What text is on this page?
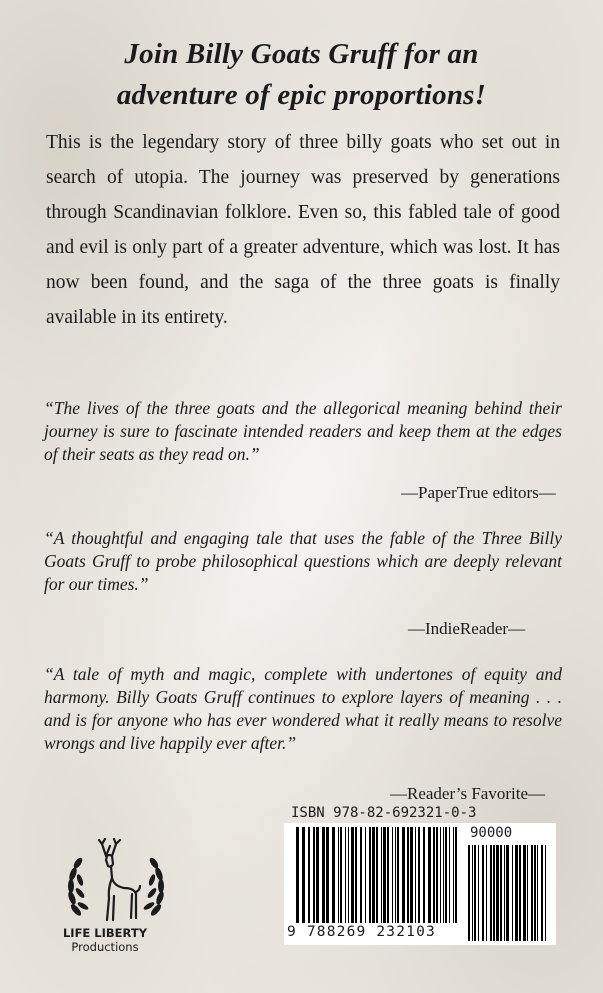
Join Billy Goats Gruff for an
adventure of epic proportions!
This is the legendary story of three billy goats who set out in search of utopia. The journey was preserved by generations through Scandinavian folklore. Even so, this fabled tale of good and evil is only part of a greater adventure, which was lost. It has now been found, and the saga of the three goats is finally available in its entirety.
“The lives of the three goats and the allegorical meaning behind their journey is sure to fascinate intended readers and keep them at the edges of their seats as they read on.”
—PaperTrue editors—
“A thoughtful and engaging tale that uses the fable of the Three Billy Goats Gruff to probe philosophical questions which are deeply relevant for our times.”
—IndieReader—
“A tale of myth and magic, complete with undertones of equity and harmony. Billy Goats Gruff continues to explore layers of meaning . . . and is for anyone who has ever wondered what it really means to resolve wrongs and live happily ever after.”
—Reader’s Favorite—
LIFE LIBERTY
Productions
ISBN 978-82-692321-0-3
90000
9 788269 232103
